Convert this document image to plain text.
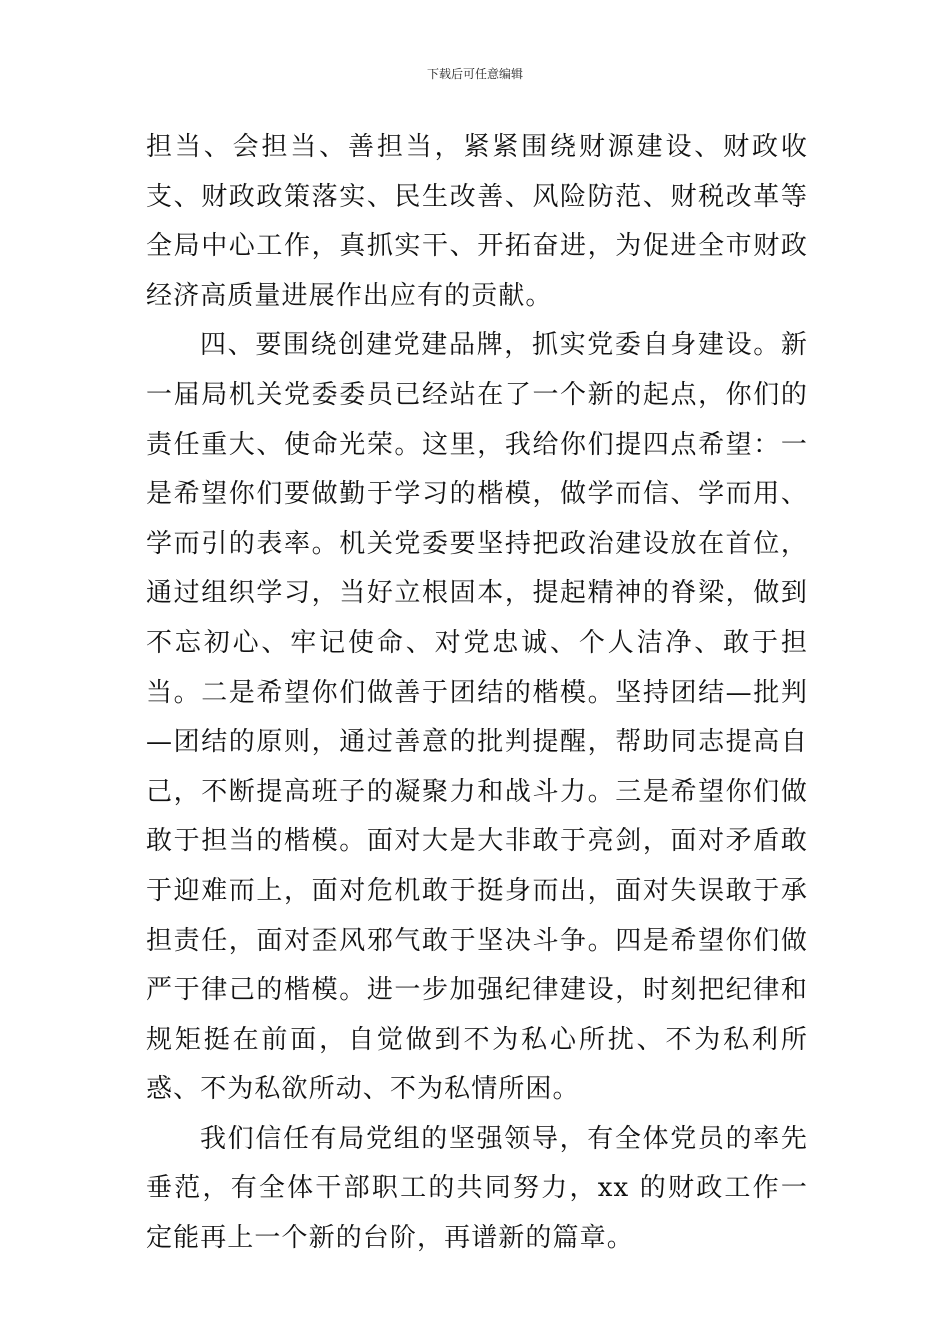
下载后可任意编辑

担当、会担当、善担当，紧紧围绕财源建设、财政收支、财政政策落实、民生改善、风险防范、财税改革等全局中心工作，真抓实干、开拓奋进，为促进全市财政经济高质量进展作出应有的贡献。

四、要围绕创建党建品牌，抓实党委自身建设。新一届局机关党委委员已经站在了一个新的起点，你们的责任重大、使命光荣。这里，我给你们提四点希望：一是希望你们要做勤于学习的楷模，做学而信、学而用、学而引的表率。机关党委要坚持把政治建设放在首位，通过组织学习，当好立根固本，提起精神的脊梁，做到不忘初心、牢记使命、对党忠诚、个人洁净、敢于担当。二是希望你们做善于团结的楷模。坚持团结—批判—团结的原则，通过善意的批判提醒，帮助同志提高自己，不断提高班子的凝聚力和战斗力。三是希望你们做敢于担当的楷模。面对大是大非敢于亮剑，面对矛盾敢于迎难而上，面对危机敢于挺身而出，面对失误敢于承担责任，面对歪风邪气敢于坚决斗争。四是希望你们做严于律己的楷模。进一步加强纪律建设，时刻把纪律和规矩挺在前面，自觉做到不为私心所扰、不为私利所惑、不为私欲所动、不为私情所困。

我们信任有局党组的坚强领导，有全体党员的率先垂范，有全体干部职工的共同努力，xx 的财政工作一定能再上一个新的台阶，再谱新的篇章。
